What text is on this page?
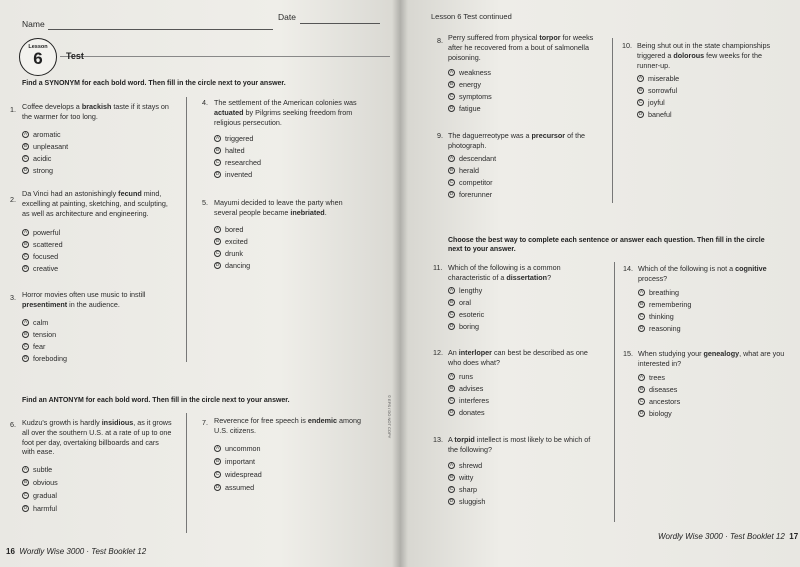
Name
Date
Lesson
6	Test
Find a SYNONYM for each bold word. Then fill in the circle next to your answer.
1. Coffee develops a brackish taste if it stays on
the warmer for too long.
A aromatic
B unpleasant
C acidic
D strong
2.
Da Vinci had an astonishingly fecund mind,
excelling at painting, sketching, and sculpting,
as well as architecture and engineering.
A powerful
B scattered
C focused
D creative
3. Horror movies often use music to instill
presentiment in the audience.
A calm
B tension
C fear
D foreboding
4. The settlement of the American colonies was
actuated by Pilgrims seeking freedom from
religious persecution.
A triggered
B halted
C researched
D invented
5. Mayumi decided to leave the party when
several people became inebriated.
A bored
B excited
C drunk
D dancing
Find an ANTONYM for each bold word. Then fill in the circle next to your answer.
6. Kudzu's growth is hardly insidious, as it grows
all over the southern U.S. at a rate of up to one
foot per day, overtaking billboards and cars
with ease.
A subtle
B obvious
C gradual
D harmful
7. Reverence for free speech is endemic among
U.S. citizens.
A uncommon
B important
C widespread
D assumed
© EPS / DO NOT COPY
16 Wordly Wise 3000 · Test Booklet 12
Lesson 6 Test continued
8. Perry suffered from physical torpor for weeks
after he recovered from a bout of salmonella
poisoning.
A weakness
B energy
C symptoms
D fatigue
9. The daguerreotype was a precursor of the
photograph.
A descendant
B herald
C competitor
D forerunner
10. Being shut out in the state championships
triggered a dolorous few weeks for the
runner-up.
A miserable
B sorrowful
C joyful
D baneful
Choose the best way to complete each sentence or answer each question. Then fill in the circle
next to your answer.
11. Which of the following is a common
characteristic of a dissertation?
A lengthy
B oral
C esoteric
D boring
12. An interloper can best be described as one
who does what?
A runs
B advises
C interferes
D donates
13. A torpid intellect is most likely to be which of
the following?
A shrewd
B witty
C sharp
D sluggish
14. Which of the following is not a cognitive
process?
A breathing
B remembering
C thinking
D reasoning
15. When studying your genealogy, what are you
interested in?
A trees
B diseases
C ancestors
D biology
Wordly Wise 3000 · Test Booklet 12 17
